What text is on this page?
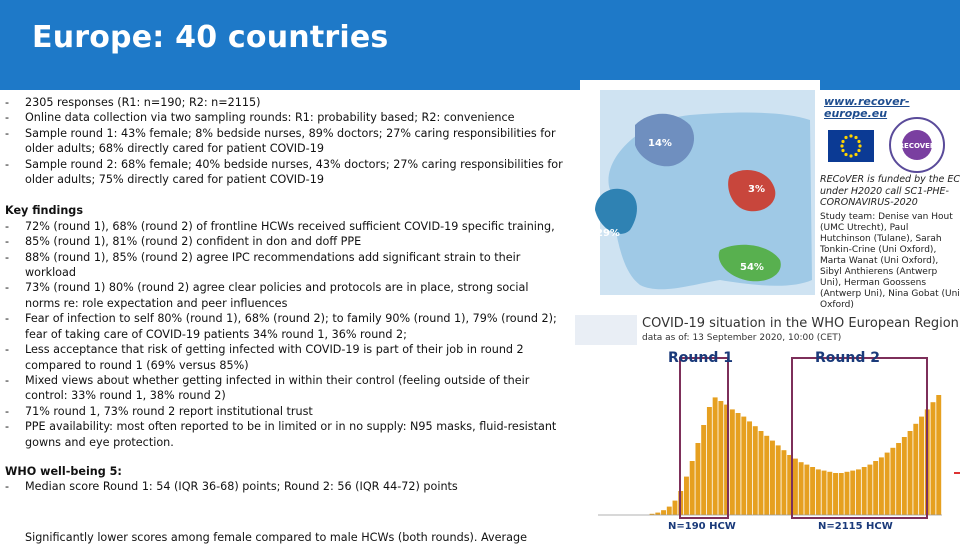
Europe: 40 countries
- 2305 responses (R1: n=190; R2: n=2115)
- Online data collection via two sampling rounds: R1: probability based; R2: convenience
- Sample round 1: 43% female; 8% bedside nurses, 89% doctors; 27% caring responsibilities for older adults; 68% directly cared for patient COVID-19
- Sample round 2: 68% female; 40% bedside nurses, 43% doctors; 27% caring responsibilities for older adults; 75% directly cared for patient COVID-19
Key findings
- 72% (round 1), 68% (round 2) of frontline HCWs received sufficient COVID-19 specific training,
- 85% (round 1), 81% (round 2) confident in don and doff PPE
- 88% (round 1), 85% (round 2) agree IPC recommendations add significant strain to their workload
- 73% (round 1) 80% (round 2) agree clear policies and protocols are in place, strong social norms re: role expectation and peer influences
- Fear of infection to self 80% (round 1), 68% (round 2); to family 90% (round 1), 79% (round 2); fear of taking care of COVID-19 patients 34% round 1, 36% round 2;
- Less acceptance that risk of getting infected with COVID-19 is part of their job in round 2 compared to round 1 (69% versus 85%)
- Mixed views about whether getting infected in within their control (feeling outside of their control: 33% round 1, 38% round 2)
- 71% round 1, 73% round 2 report institutional trust
- PPE availability: most often reported to be in limited or in no supply: N95 masks, fluid-resistant gowns and eye protection.
WHO well-being 5:
- Median score Round 1: 54 (IQR 36-68) points; Round 2: 56 (IQR 44-72) points
Significantly lower scores among female compared to male HCWs (both rounds). Average
14%
3%
29%
54%
www.recover-europe.eu
RECOVER
RECoVER is funded by the EC under H2020 call SC1-PHE-CORONAVIRUS-2020
Study team: Denise van Hout (UMC Utrecht), Paul Hutchinson (Tulane), Sarah Tonkin-Crine (Uni Oxford), Marta Wanat (Uni Oxford), Sibyl Anthierens (Antwerp Uni), Herman Goossens (Antwerp Uni), Nina Gobat (Uni Oxford)
COVID-19 situation in the WHO European Region
data as of: 13 September 2020, 10:00 (CET)
Round 1	Round 2
N=190 HCW	N=2115 HCW
